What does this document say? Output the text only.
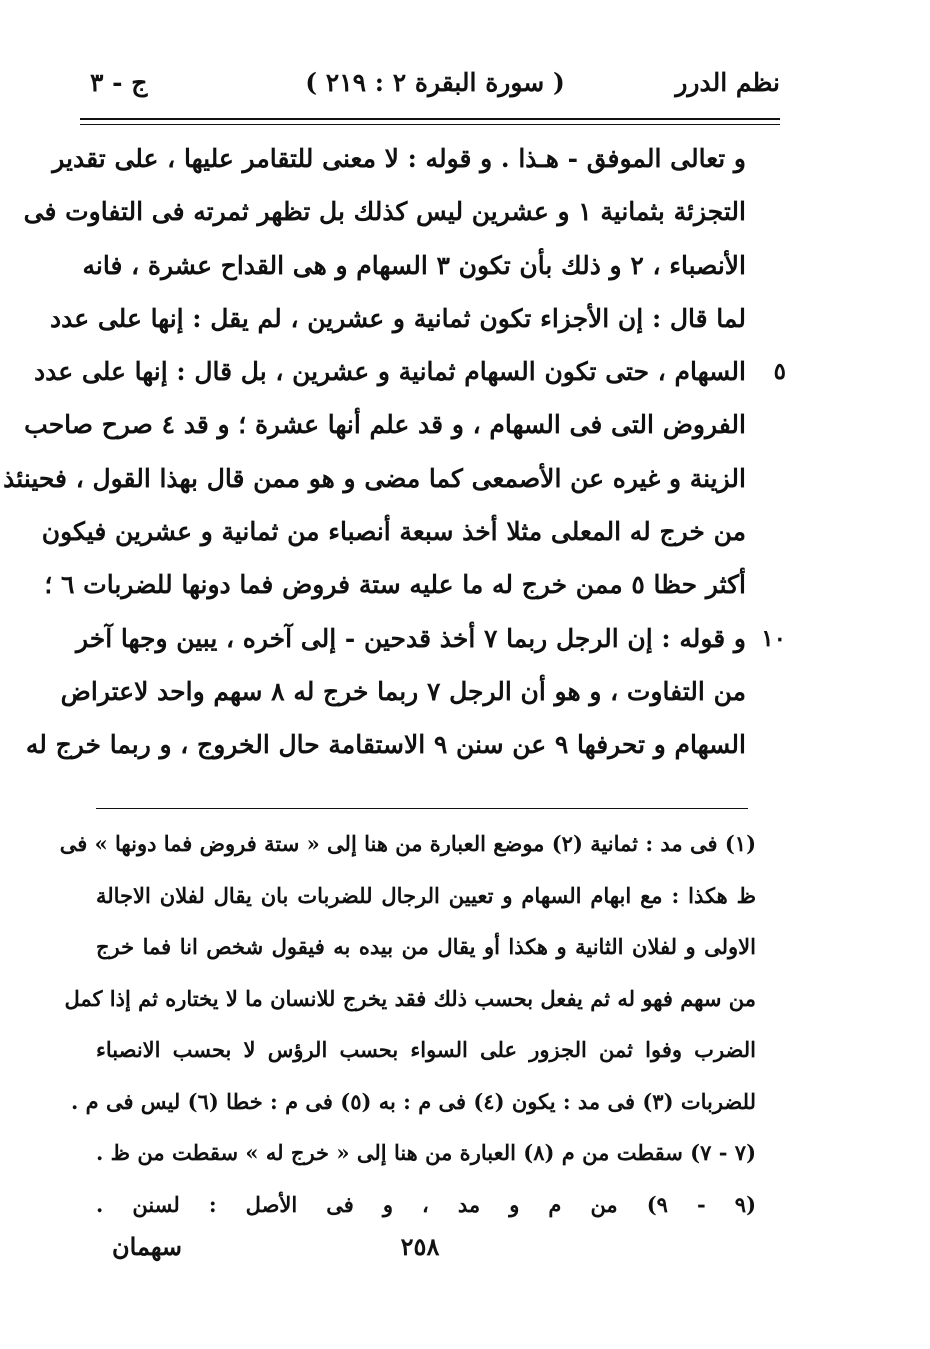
نظم الدرر
( سورة البقرة ٢ : ٢١٩ )
ج - ٣
و تعالى الموفق - هـذا . و قوله : لا معنى للتقامر عليها ، على تقدير
التجزئة بثمانية ١ و عشرين ليس كذلك بل تظهر ثمرته فى التفاوت فى
الأنصباء ، ٢ و ذلك بأن تكون ٣ السهام و هى القداح عشرة ، فانه
لما قال : إن الأجزاء تكون ثمانية و عشرين ، لم يقل : إنها على عدد
٥
السهام ، حتى تكون السهام ثمانية و عشرين ، بل قال : إنها على عدد
الفروض التى فى السهام ، و قد علم أنها عشرة ؛ و قد ٤ صرح صاحب
الزينة و غيره عن الأصمعى كما مضى و هو ممن قال بهذا القول ، فحينئذ
من خرج له المعلى مثلا أخذ سبعة أنصباء من ثمانية و عشرين فيكون
أكثر حظا ٥ ممن خرج له ما عليه ستة فروض فما دونها للضربات ٦ ؛
١٠
و قوله : إن الرجل ربما ٧ أخذ قدحين - إلى آخره ، يبين وجها آخر
من التفاوت ، و هو أن الرجل ٧ ربما خرج له ٨ سهم واحد لاعتراض
السهام و تحرفها ٩ عن سنن ٩ الاستقامة حال الخروج ، و ربما خرج له
(١) فى مد : ثمانية (٢) موضع العبارة من هنا إلى « ستة فروض فما دونها » فى
ظ هكذا : مع ابهام السهام و تعيين الرجال للضربات بان يقال لفلان الاجالة
الاولى و لفلان الثانية و هكذا أو يقال من بيده به فيقول شخص انا فما خرج
من سهم فهو له ثم يفعل بحسب ذلك فقد يخرج للانسان ما لا يختاره ثم إذا كمل
الضرب وفوا ثمن الجزور على السواء بحسب الرؤس لا بحسب الانصباء
للضربات (٣) فى مد : يكون (٤) فى م : به (٥) فى م : خطا (٦) ليس فى م .
(٧ - ٧) سقطت من م (٨) العبارة من هنا إلى « خرج له » سقطت من ظ .
(٩ - ٩) من م و مد ، و فى الأصل : لسنن .
٢٥٨
سهمان
